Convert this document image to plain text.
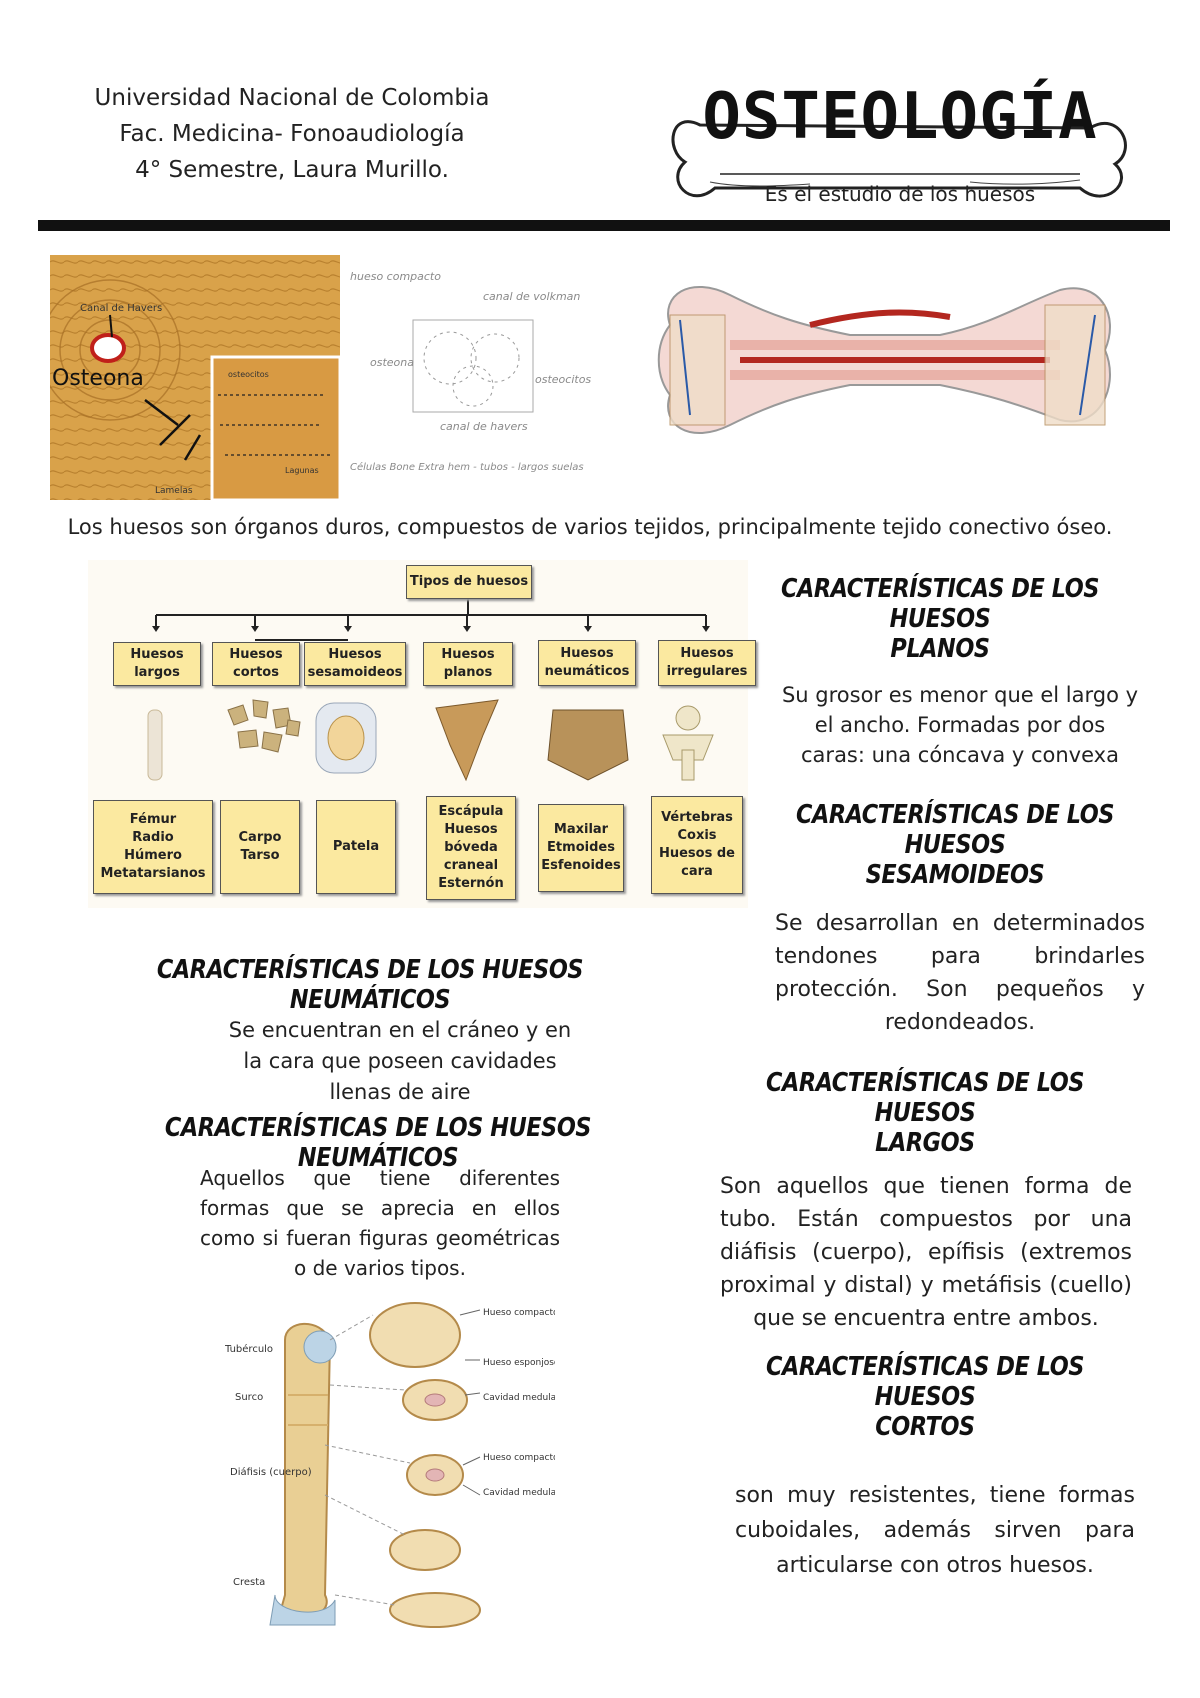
Universidad Nacional de Colombia
Fac. Medicina- Fonoaudiología
4° Semestre, Laura Murillo.
OSTEOLOGÍA
Es el estudio de los huesos
Canal de Havers
Osteona
Lamelas
osteocitos
Lagunas
hueso compacto
canal de volkman
osteona
osteocitos
canal de havers
Células Bone Extra hem - tubos - largos suelas
Los huesos son órganos duros, compuestos de varios tejidos, principalmente tejido conectivo óseo.
Tipos de huesos
Huesos largos
Huesos cortos
Huesos sesamoideos
Huesos planos
Huesos neumáticos
Huesos irregulares
Fémur
Radio
Húmero
Metatarsianos
Carpo
Tarso
Patela
Escápula
Huesos
bóveda
craneal
Esternón
Maxilar
Etmoides
Esfenoides
Vértebras
Coxis
Huesos de
cara
CARACTERÍSTICAS DE LOS HUESOS
PLANOS
Su grosor es menor que el largo y el ancho. Formadas por dos caras: una cóncava y convexa
CARACTERÍSTICAS DE LOS HUESOS
SESAMOIDEOS
Se desarrollan en determinados tendones para brindarles protección. Son pequeños y redondeados.
CARACTERÍSTICAS DE LOS HUESOS
LARGOS
Son aquellos que tienen forma de tubo. Están compuestos por una diáfisis (cuerpo), epífisis (extremos proximal y distal) y metáfisis (cuello) que se encuentra entre ambos.
CARACTERÍSTICAS DE LOS HUESOS
CORTOS
son muy resistentes, tiene formas cuboidales, además sirven para articularse con otros huesos.
CARACTERÍSTICAS DE LOS HUESOS NEUMÁTICOS
Se encuentran en el cráneo y en la cara que poseen cavidades llenas de aire
CARACTERÍSTICAS DE LOS HUESOS NEUMÁTICOS
Aquellos que tiene diferentes formas que se aprecia en ellos como si fueran figuras geométricas o de varios tipos.
Tubérculo
Surco
Diáfisis (cuerpo)
Cresta
Hueso compacto
Hueso esponjoso
Cavidad medular
Hueso compacto
Cavidad medular
